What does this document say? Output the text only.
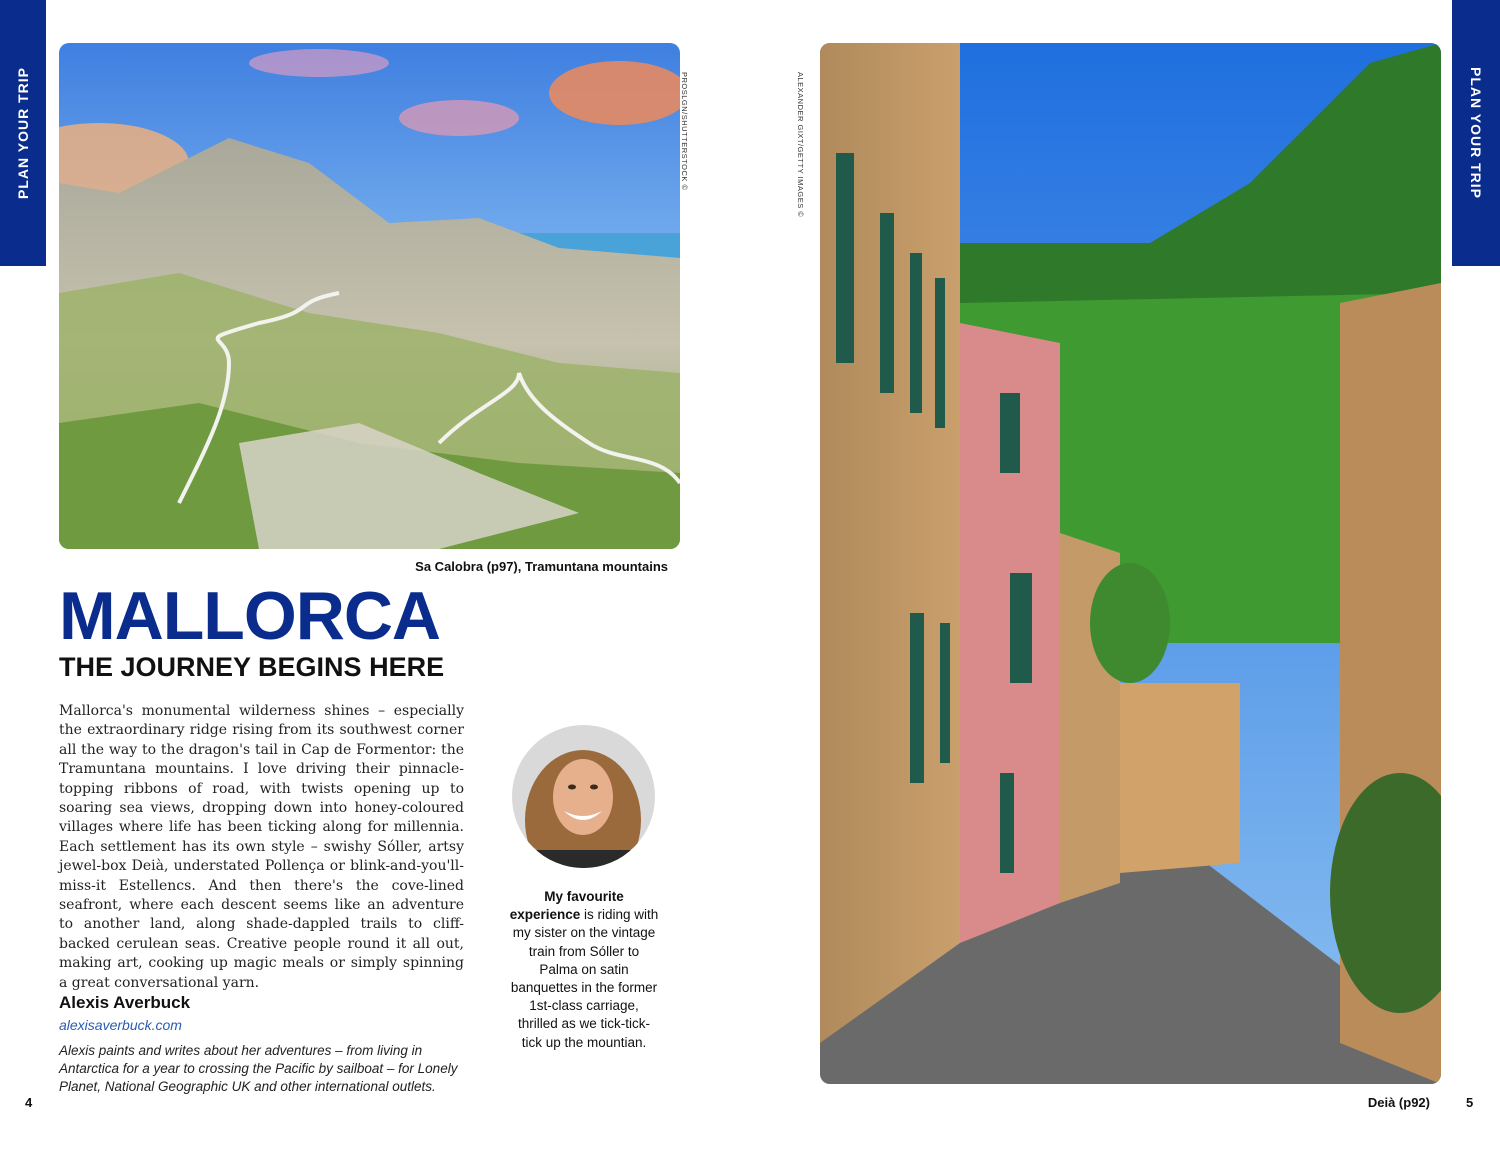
PLAN YOUR TRIP	PLAN YOUR TRIP
PROSLGN/SHUTTERSTOCK ©
Sa Calobra (p97), Tramuntana mountains
ALEXANDER GIXT/GETTY IMAGES ©
Deià (p92)
MALLORCA
THE JOURNEY BEGINS HERE
Mallorca's monumental wilderness shines – especially the extraordinary ridge rising from its southwest corner all the way to the dragon's tail in Cap de Formentor: the Tramuntana mountains. I love driving their pinnacle-topping ribbons of road, with twists opening up to soaring sea views, dropping down into honey-coloured villages where life has been ticking along for millennia. Each settlement has its own style – swishy Sóller, artsy jewel-box Deià, understated Pollença or blink-and-you'll-miss-it Estellencs. And then there's the cove-lined seafront, where each descent seems like an adventure to another land, along shade-dappled trails to cliff-backed cerulean seas. Creative people round it all out, making art, cooking up magic meals or simply spinning a great conversational yarn.
Alexis Averbuck
alexisaverbuck.com
Alexis paints and writes about her adventures – from living in Antarctica for a year to crossing the Pacific by sailboat – for Lonely Planet, National Geographic UK and other international outlets.
My favourite experience is riding with my sister on the vintage train from Sóller to Palma on satin banquettes in the former 1st-class carriage, thrilled as we tick-tick-tick up the mountian.
4	5
